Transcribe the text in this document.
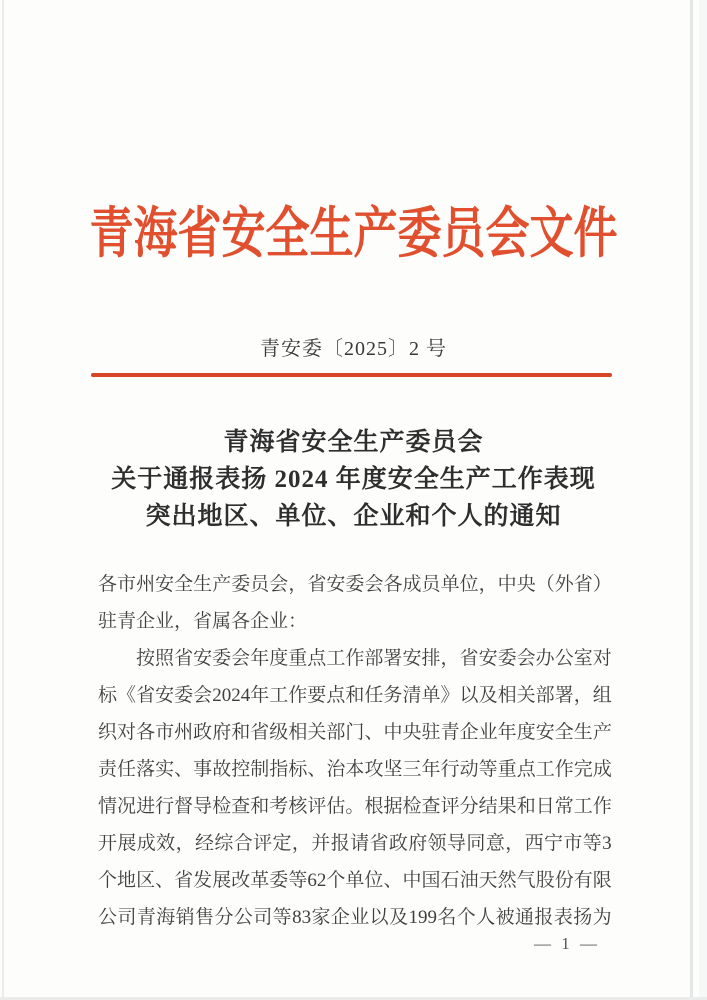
青海省安全生产委员会文件
青安委〔2025〕2 号
青海省安全生产委员会
关于通报表扬 2024 年度安全生产工作表现
突出地区、单位、企业和个人的通知
各 市 州 安 全 生 产 委 员 会 ， 省 安 委 会 各 成 员 单 位 ， 中 央 （ 外 省 ）
驻青企业，省属各企业：
按 照 省 安 委 会 年 度 重 点 工 作 部 署 安 排 ， 省 安 委 会 办 公 室 对
标 《 省 安 委 会 2024 年 工 作 要 点 和 任 务 清 单 》 以 及 相 关 部 署 ， 组
织 对 各 市 州 政 府 和 省 级 相 关 部 门 、 中 央 驻 青 企 业 年 度 安 全 生 产
责 任 落 实 、 事 故 控 制 指 标 、 治 本 攻 坚 三 年 行 动 等 重 点 工 作 完 成
情 况 进 行 督 导 检 查 和 考 核 评 估 。 根 据 检 查 评 分 结 果 和 日 常 工 作
开 展 成 效 ， 经 综 合 评 定 ， 并 报 请 省 政 府 领 导 同 意 ， 西 宁 市 等 3
个 地 区 、 省 发 展 改 革 委 等 62 个 单 位 、 中 国 石 油 天 然 气 股 份 有 限
公 司 青 海 销 售 分 公 司 等 83 家 企 业 以 及 199 名 个 人 被 通 报 表 扬 为
— 1 —
